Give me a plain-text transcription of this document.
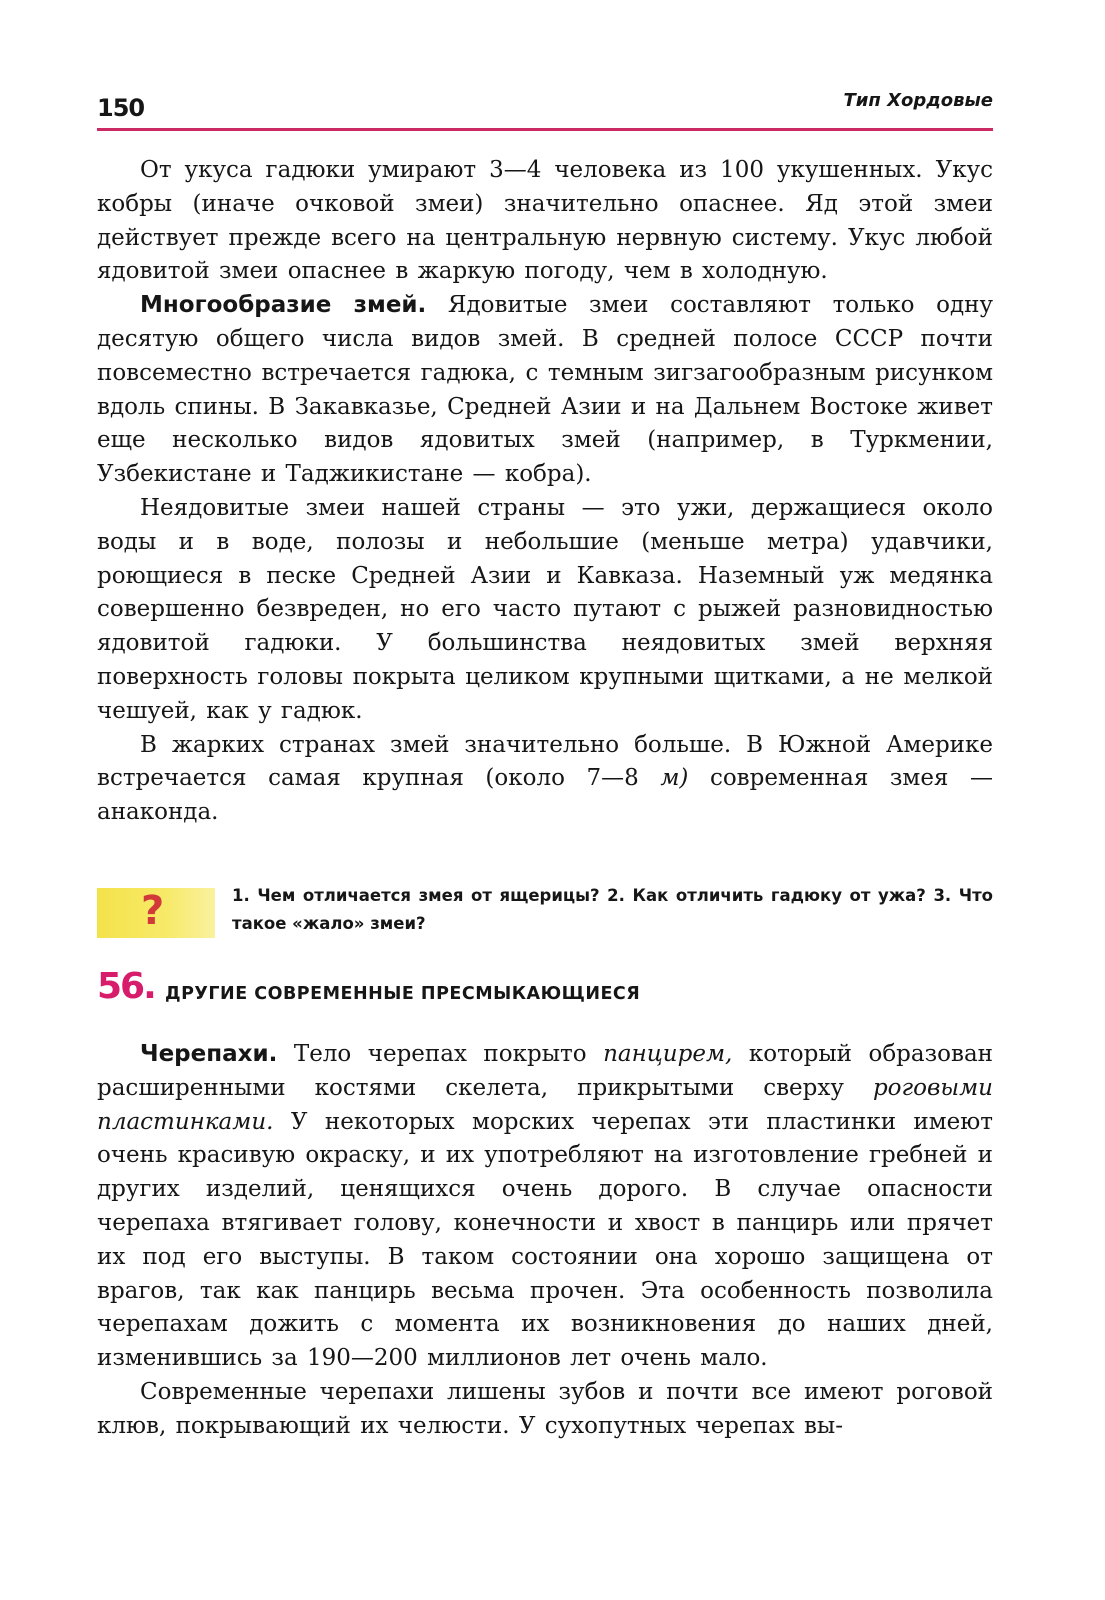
150	Тип Хордовые

От укуса гадюки умирают 3—4 человека из 100 укушенных. Укус кобры (иначе очковой змеи) значительно опаснее. Яд этой змеи действует прежде всего на центральную нервную систему. Укус любой ядовитой змеи опаснее в жаркую погоду, чем в холодную.

Многообразие змей. Ядовитые змеи составляют только одну десятую общего числа видов змей. В средней полосе СССР почти повсеместно встречается гадюка, с темным зигзагообразным рисунком вдоль спины. В Закавказье, Средней Азии и на Дальнем Востоке живет еще несколько видов ядовитых змей (например, в Туркмении, Узбекистане и Таджикистане — кобра).

Неядовитые змеи нашей страны — это ужи, держащиеся около воды и в воде, полозы и небольшие (меньше метра) удавчики, роющиеся в песке Средней Азии и Кавказа. Наземный уж медянка совершенно безвреден, но его часто путают с рыжей разновидностью ядовитой гадюки. У большинства неядовитых змей верхняя поверхность головы покрыта целиком крупными щитками, а не мелкой чешуей, как у гадюк.

В жарких странах змей значительно больше. В Южной Америке встречается самая крупная (около 7—8 м) современная змея — анаконда.

?	1. Чем отличается змея от ящерицы? 2. Как отличить гадюку от ужа? 3. Что такое «жало» змеи?
56. ДРУГИЕ СОВРЕМЕННЫЕ ПРЕСМЫКАЮЩИЕСЯ

Черепахи. Тело черепах покрыто панцирем, который образован расширенными костями скелета, прикрытыми сверху роговыми пластинками. У некоторых морских черепах эти пластинки имеют очень красивую окраску, и их употребляют на изготовление гребней и других изделий, ценящихся очень дорого. В случае опасности черепаха втягивает голову, конечности и хвост в панцирь или прячет их под его выступы. В таком состоянии она хорошо защищена от врагов, так как панцирь весьма прочен. Эта особенность позволила черепахам дожить с момента их возникновения до наших дней, изменившись за 190—200 миллионов лет очень мало.

Современные черепахи лишены зубов и почти все имеют роговой клюв, покрывающий их челюсти. У сухопутных черепах вы-
